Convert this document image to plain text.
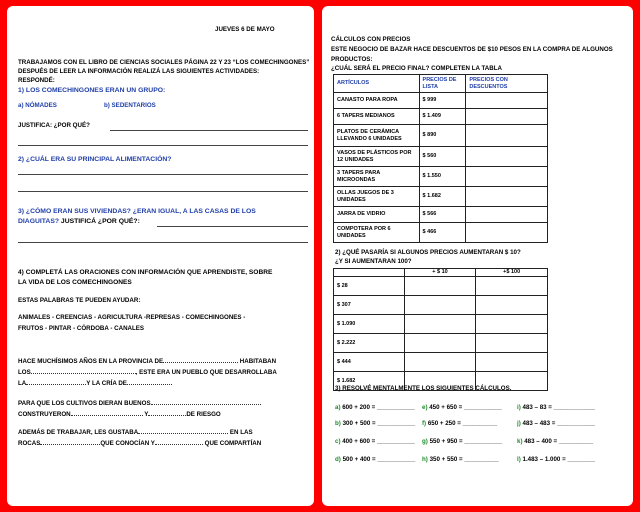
JUEVES 6 DE MAYO
TRABAJAMOS CON EL LIBRO DE CIENCIAS SOCIALES PÁGINA 22 Y 23 “LOS COMECHINGONES”
DESPUÉS DE LEER LA INFORMACIÓN REALIZÁ LAS SIGUIENTES ACTIVIDADES:
RESPONDÉ:
1) LOS COMECHINGONES ERAN UN GRUPO:
a) NÓMADES	b) SEDENTARIOS
JUSTIFICA: ¿POR QUÉ?
2) ¿CUÁL ERA SU PRINCIPAL ALIMENTACIÓN?
3) ¿CÓMO ERAN SUS VIVIENDAS? ¿ERAN IGUAL, A LAS CASAS DE LOS
DIAGUITAS? JUSTIFICÁ ¿POR QUÉ?:
4) COMPLETÁ LAS ORACIONES CON INFORMACIÓN QUE APRENDISTE, SOBRE
LA VIDA DE LOS COMECHINGONES
ESTAS PALABRAS TE PUEDEN AYUDAR:
ANIMALES - CREENCIAS - AGRICULTURA -REPRESAS - COMECHINGONES -
FRUTOS - PINTAR - CÓRDOBA - CANALES
HACE MUCHÍSIMOS AÑOS EN LA PROVINCIA DE	HABITABAN
LOS	, ESTE ERA UN PUEBLO QUE DESARROLLABA
LA	Y LA CRÍA DE
PARA QUE LOS CULTIVOS DIERAN BUENOS
CONSTRUYERON	Y	DE RIESGO
ADEMÁS DE TRABAJAR, LES GUSTABA	EN LAS
ROCAS	QUE CONOCÍAN Y	QUE COMPARTÍAN
CÁLCULOS CON PRECIOS
ESTE NEGOCIO DE BAZAR HACE DESCUENTOS DE $10 PESOS EN LA COMPRA DE ALGUNOS
PRODUCTOS:
¿CUÁL SERÁ EL PRECIO FINAL? COMPLETEN LA TABLA
ARTÍCULOS	PRECIOS DE LISTA	PRECIOS CON DESCUENTOS
CANASTO PARA ROPA	$ 999	
6 TAPERS MEDIANOS	$ 1.409	
PLATOS DE CERÁMICA LLEVANDO 6 UNIDADES	$ 890	
VASOS DE PLÁSTICOS POR 12 UNIDADES	$ 560	
3 TAPERS PARA MICROONDAS	$ 1.550	
OLLAS JUEGOS DE 3 UNIDADES	$ 1.682	
JARRA DE VIDRIO	$ 566	
COMPOTERA POR 6 UNIDADES	$ 466	
2) ¿QUÉ PASARÍA SI ALGUNOS PRECIOS AUMENTARAN $ 10?
¿Y SI AUMENTARAN 100?
	+ $ 10	+$ 100
$ 28		
$ 307		
$ 1.090		
$ 2.222		
$ 444		
$ 1.682		
3) RESOLVÉ MENTALMENTE LOS SIGUIENTES CÁLCULOS.
a) 600 + 200 = ___________ e) 450 + 650 = ___________ i) 483 – 83 = ____________
b) 300 + 500 = ___________ f) 650 + 250 = __________	j) 483 – 483 = ___________
c) 400 + 600 = ___________ g) 550 + 950 = ___________ k) 483 – 400 = __________
d) 500 + 400 = ___________ h) 350 + 550 = __________	l) 1.483 – 1.000 = ________
